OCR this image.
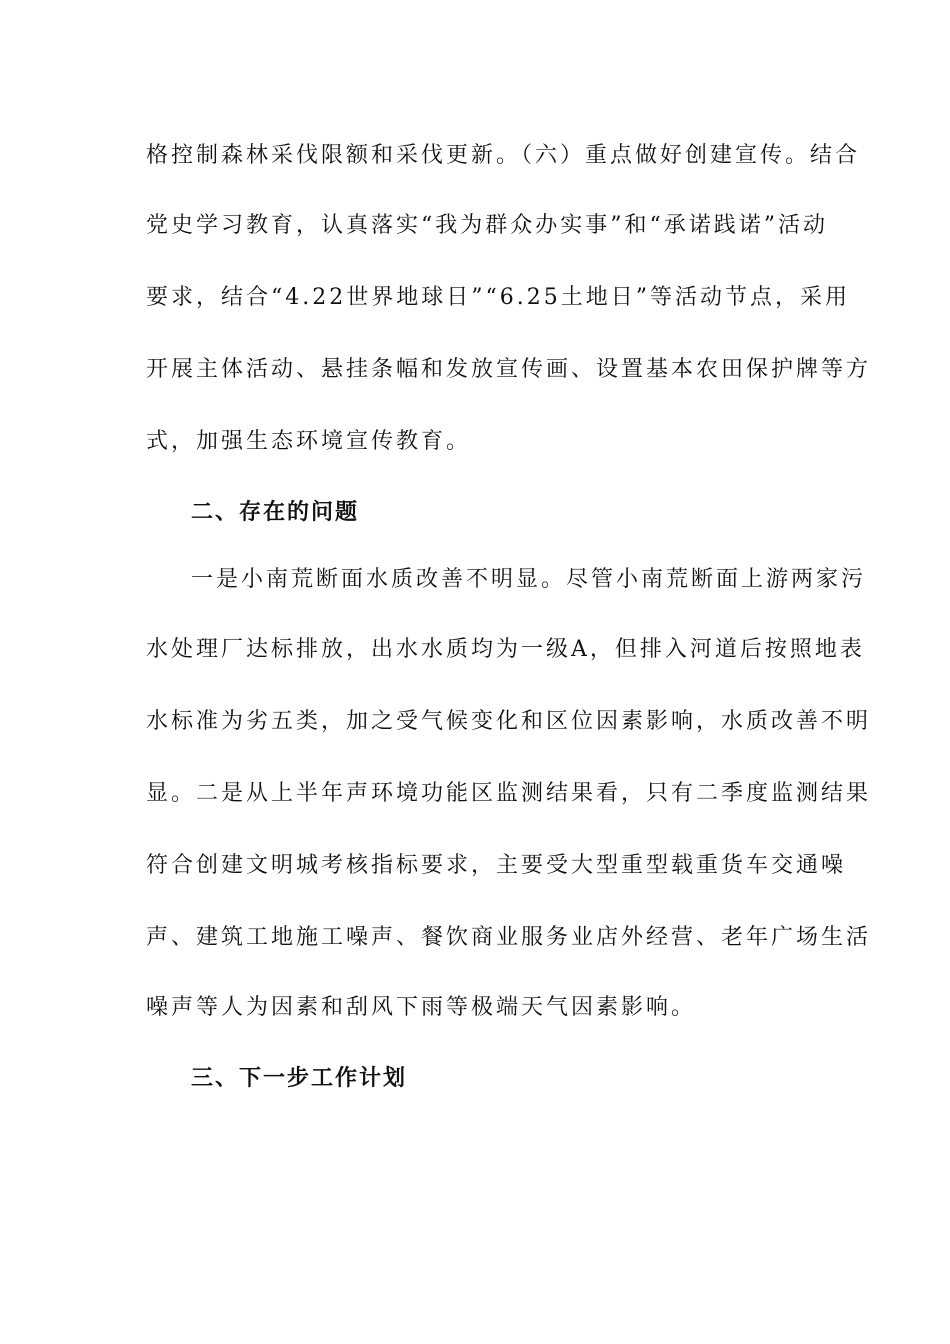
格控制森林采伐限额和采伐更新。（六）重点做好创建宣传。结合
党史学习教育，认真落实“我为群众办实事”和“承诺践诺”活动
要求，结合“4.22世界地球日”“6.25土地日”等活动节点，采用
开展主体活动、悬挂条幅和发放宣传画、设置基本农田保护牌等方
式，加强生态环境宣传教育。
二、存在的问题
一是小南荒断面水质改善不明显。尽管小南荒断面上游两家污
水处理厂达标排放，出水水质均为一级A，但排入河道后按照地表
水标准为劣五类，加之受气候变化和区位因素影响，水质改善不明
显。二是从上半年声环境功能区监测结果看，只有二季度监测结果
符合创建文明城考核指标要求，主要受大型重型载重货车交通噪
声、建筑工地施工噪声、餐饮商业服务业店外经营、老年广场生活
噪声等人为因素和刮风下雨等极端天气因素影响。
三、下一步工作计划
